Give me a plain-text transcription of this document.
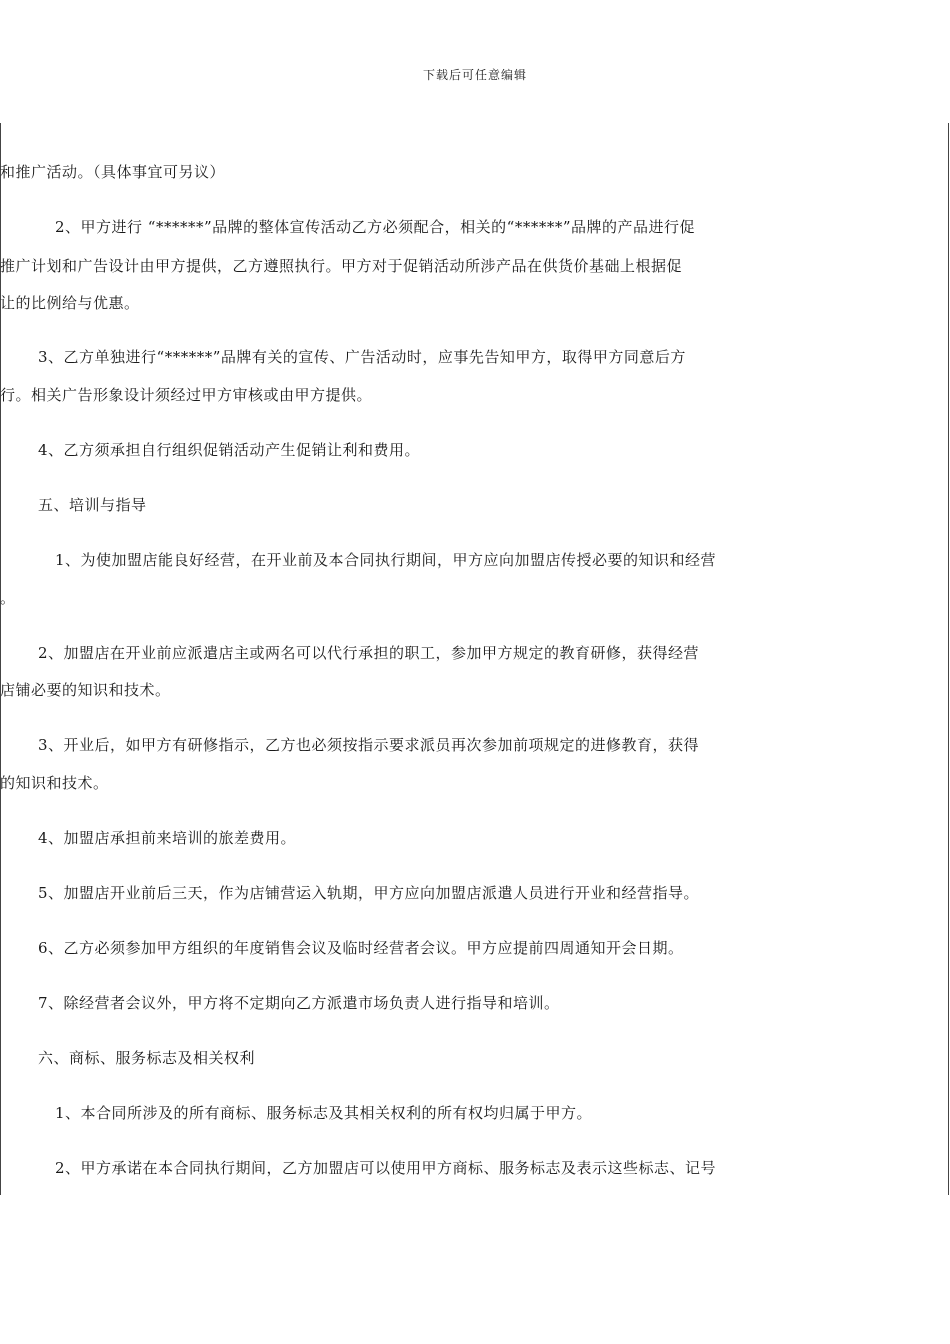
下载后可任意编辑
和推广活动。（具体事宜可另议）
2、甲方进行 “******”品牌的整体宣传活动乙方必须配合，相关的“******”品牌的产品进行促
推广计划和广告设计由甲方提供，乙方遵照执行。甲方对于促销活动所涉产品在供货价基础上根据促
让的比例给与优惠。
3、乙方单独进行“******”品牌有关的宣传、广告活动时，应事先告知甲方，取得甲方同意后方
行。相关广告形象设计须经过甲方审核或由甲方提供。
4、乙方须承担自行组织促销活动产生促销让利和费用。
五、培训与指导
1、为使加盟店能良好经营，在开业前及本合同执行期间，甲方应向加盟店传授必要的知识和经营
。
2、加盟店在开业前应派遣店主或两名可以代行承担的职工，参加甲方规定的教育研修，获得经营
店铺必要的知识和技术。
3、开业后，如甲方有研修指示，乙方也必须按指示要求派员再次参加前项规定的进修教育，获得
的知识和技术。
4、加盟店承担前来培训的旅差费用。
5、加盟店开业前后三天，作为店铺营运入轨期，甲方应向加盟店派遣人员进行开业和经营指导。
6、乙方必须参加甲方组织的年度销售会议及临时经营者会议。甲方应提前四周通知开会日期。
7、除经营者会议外，甲方将不定期向乙方派遣市场负责人进行指导和培训。
六、商标、服务标志及相关权利
1、本合同所涉及的所有商标、服务标志及其相关权利的所有权均归属于甲方。
2、甲方承诺在本合同执行期间，乙方加盟店可以使用甲方商标、服务标志及表示这些标志、记号
